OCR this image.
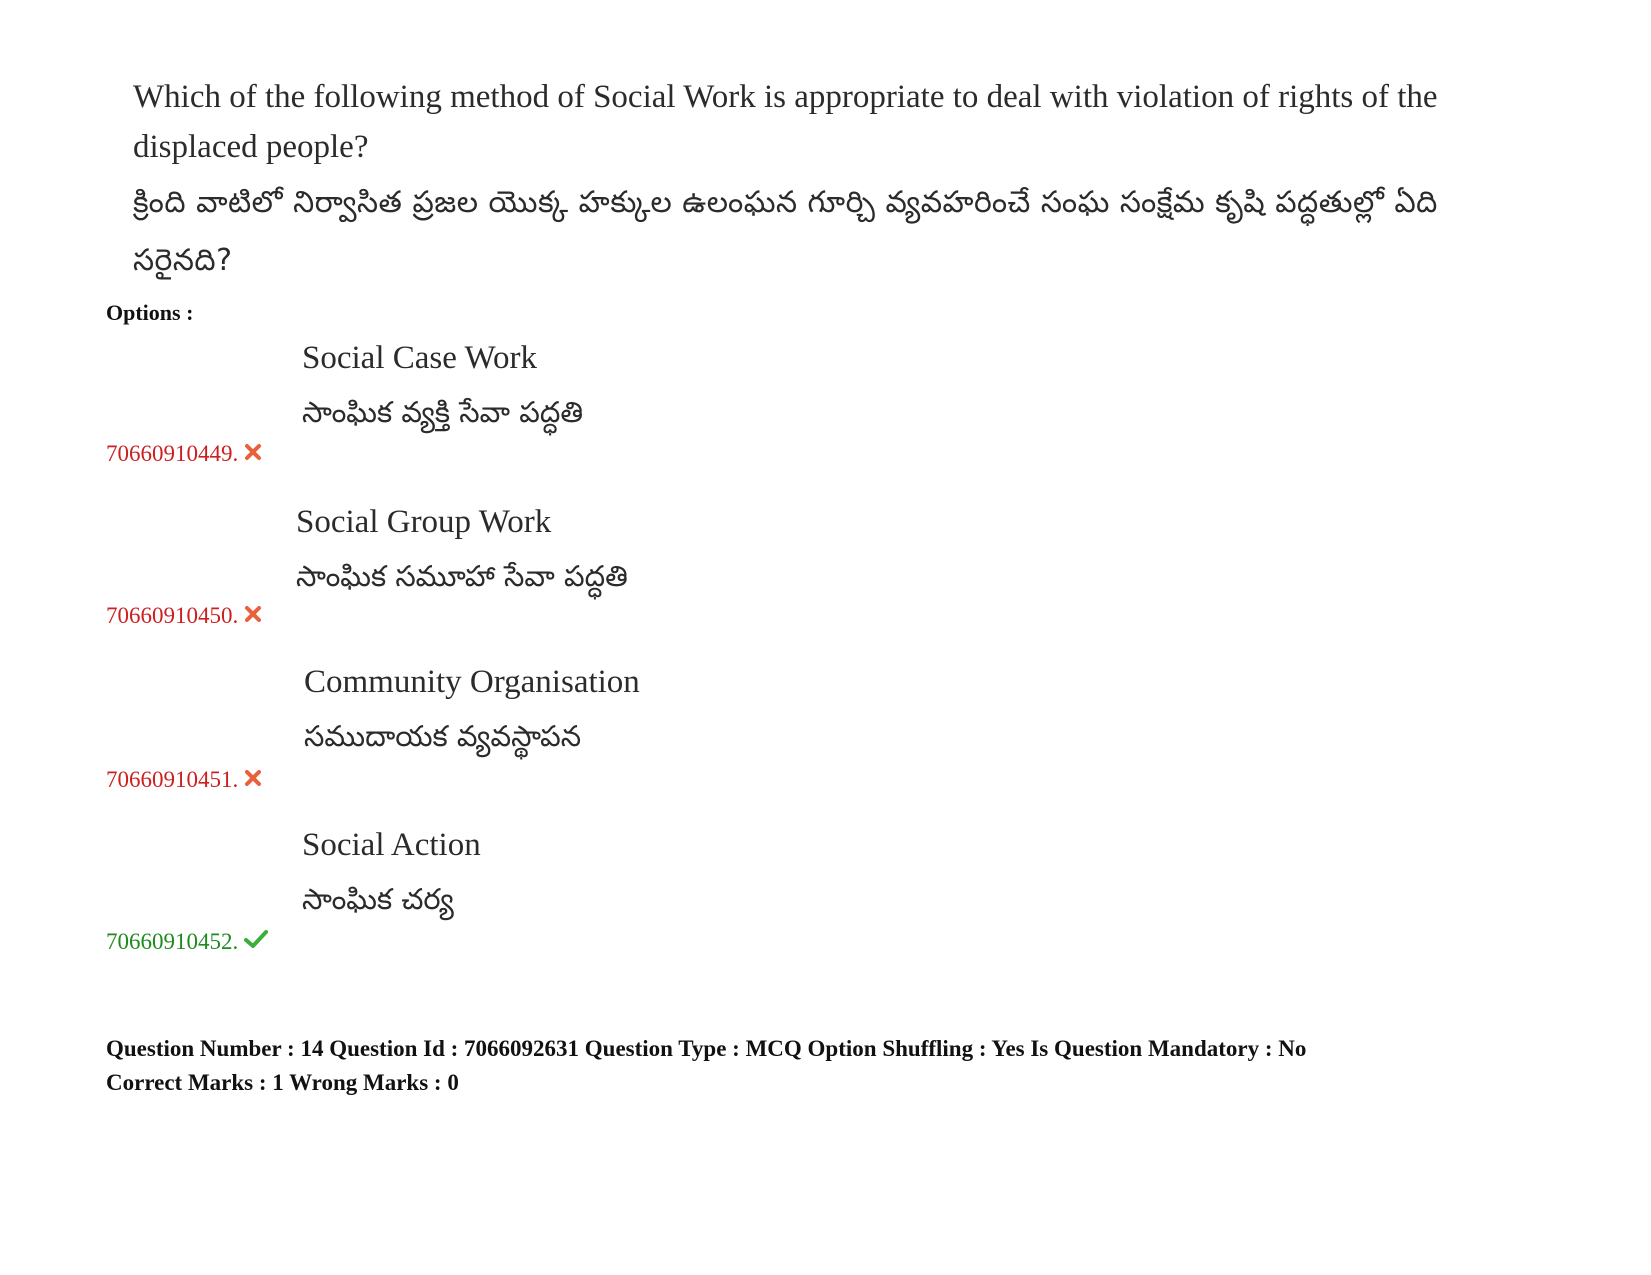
Which of the following method of Social Work is appropriate to deal with violation of rights of the displaced people?

క్రింది వాటిలో నిర్వాసిత ప్రజల యొక్క హక్కుల ఉలంఘన గూర్చి వ్యవహరించే సంఘ సంక్షేమ కృషి పద్ధతుల్లో ఏది సరైనది?

Options :
70660910449.
Social Case Work
సాంఘిక వ్యక్తి సేవా పద్ధతి
70660910450.
Social Group Work
సాంఘిక సమూహా సేవా పద్ధతి
70660910451.
Community Organisation
సముదాయక వ్యవస్థాపన
70660910452.
Social Action
సాంఘిక చర్య
Question Number : 14 Question Id : 7066092631 Question Type : MCQ Option Shuffling : Yes Is Question Mandatory : No
Correct Marks : 1 Wrong Marks : 0
